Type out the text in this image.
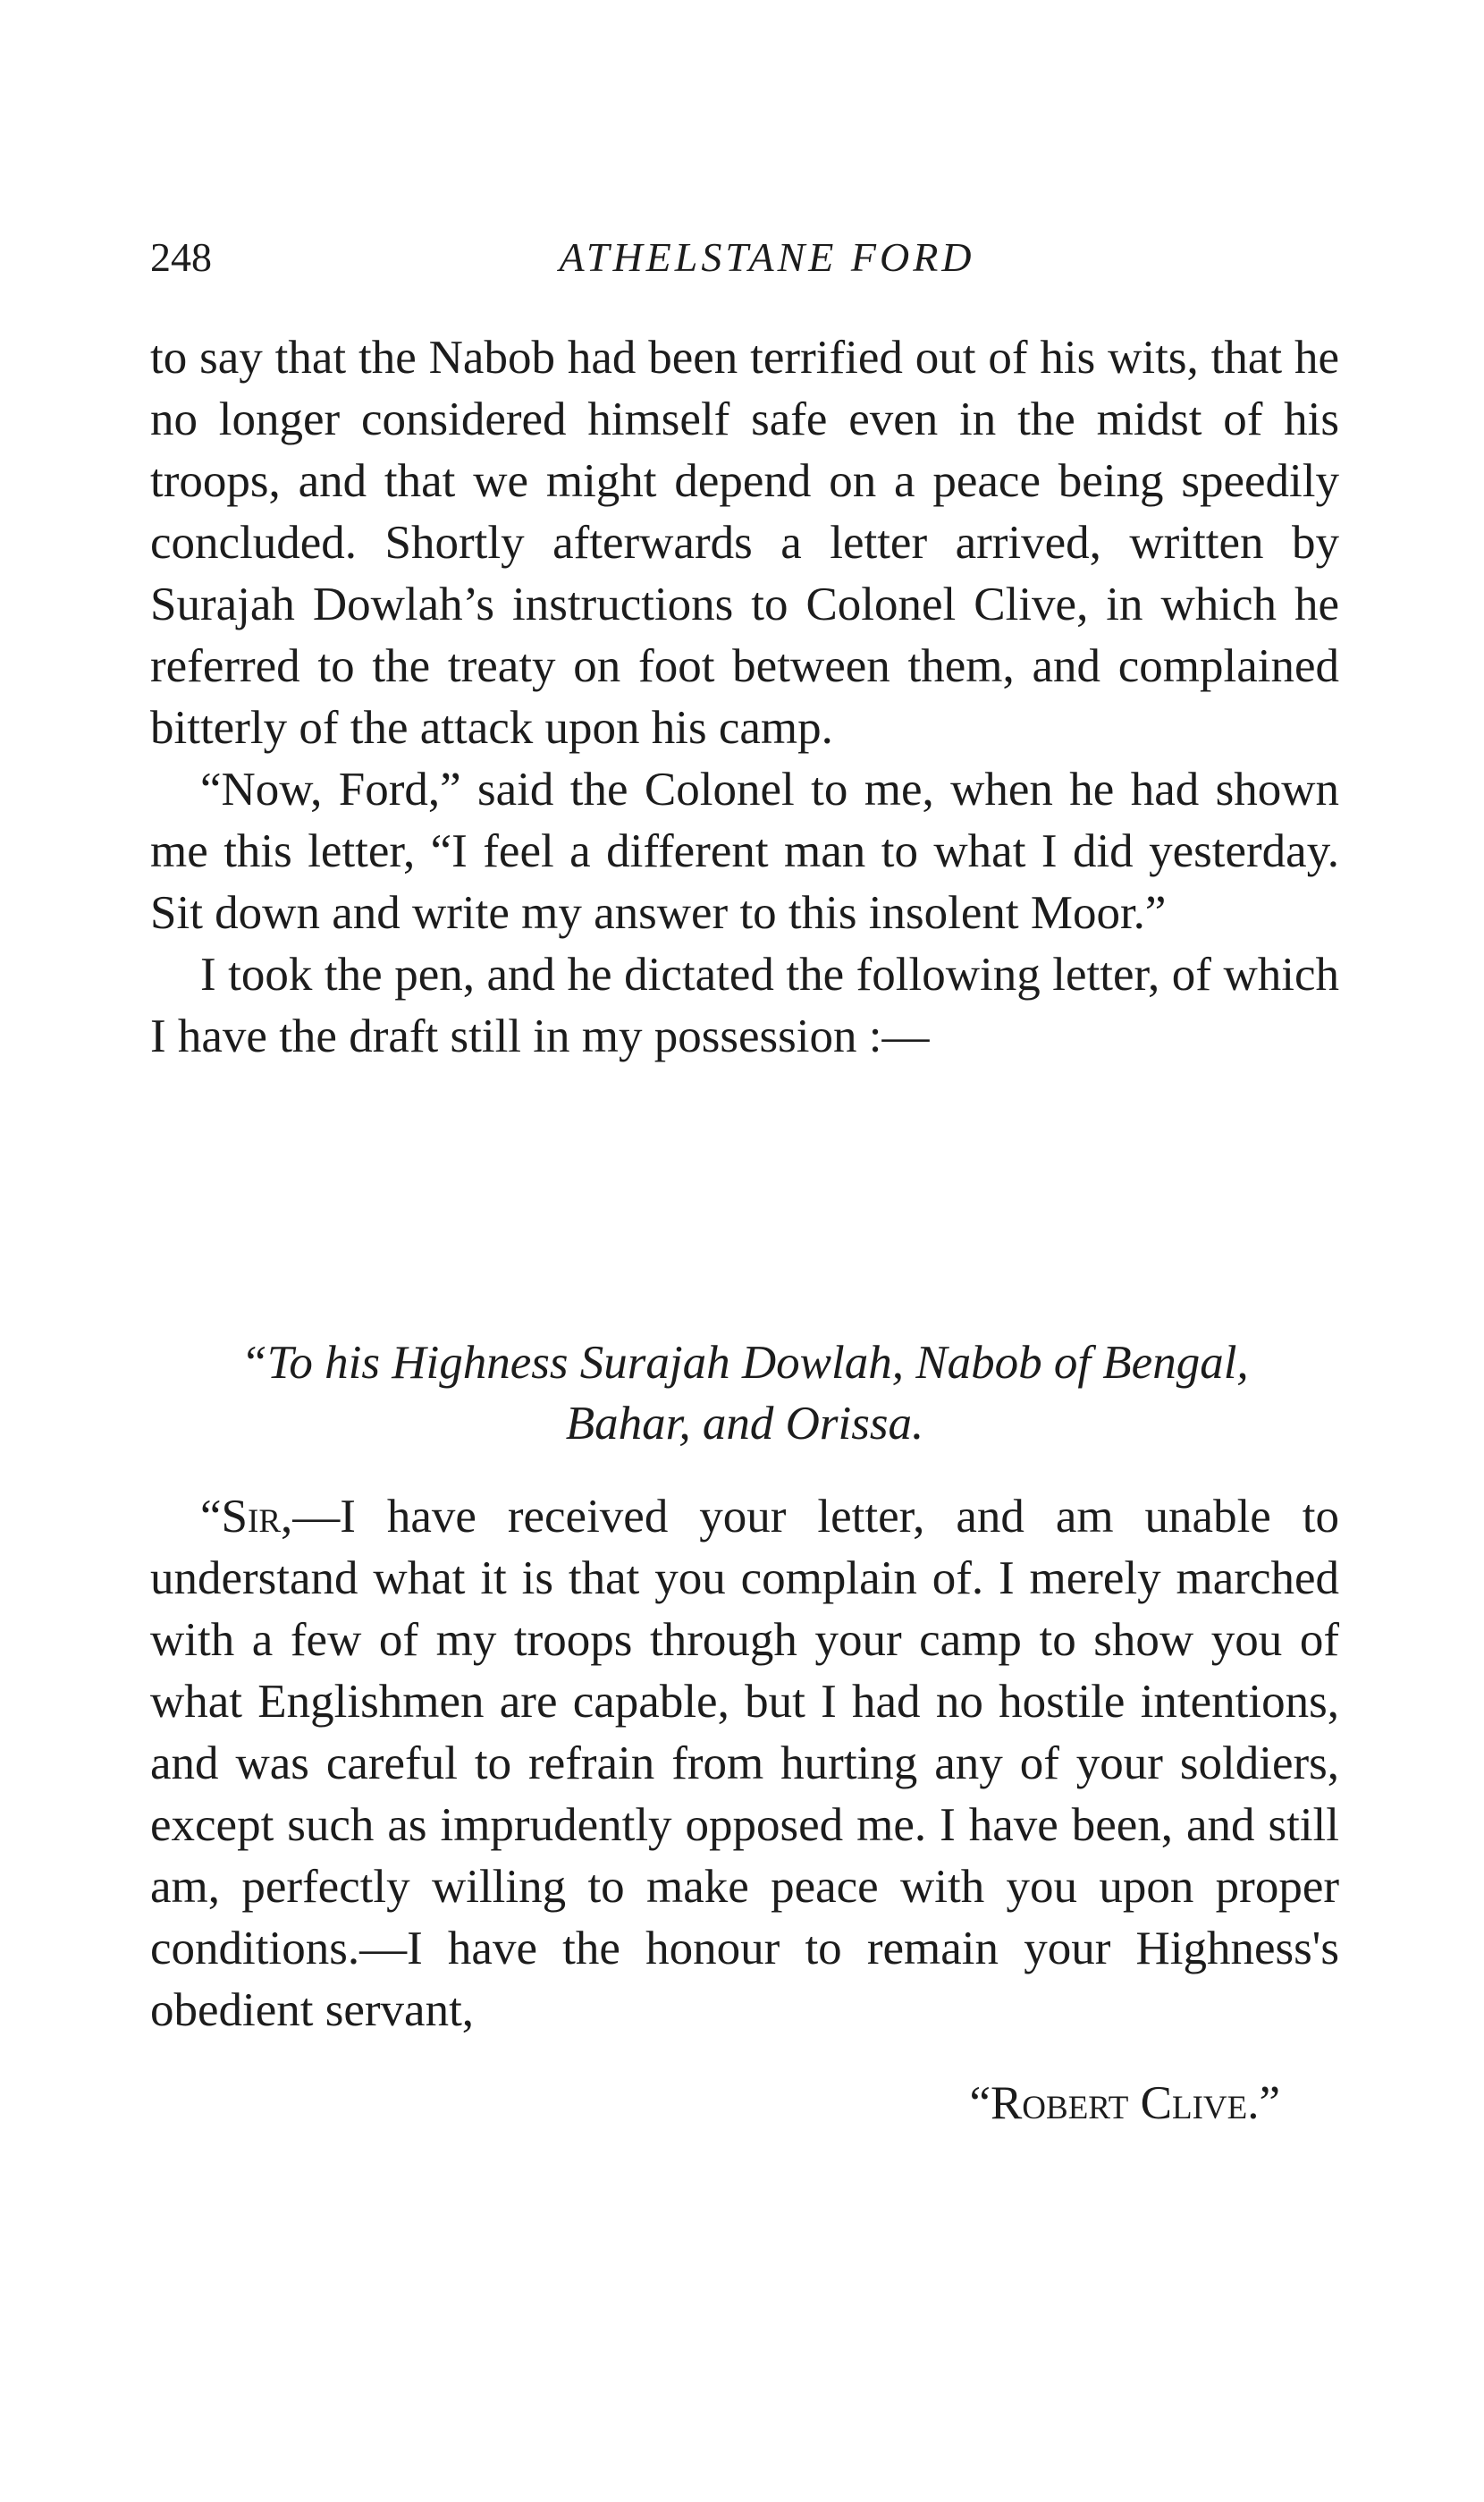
248	ATHELSTANE FORD

to say that the Nabob had been terrified out of his wits, that he no longer considered himself safe even in the midst of his troops, and that we might depend on a peace being speedily concluded. Shortly afterwards a letter arrived, written by Surajah Dowlah’s instructions to Colonel Clive, in which he referred to the treaty on foot between them, and complained bitterly of the attack upon his camp.

“Now, Ford,” said the Colonel to me, when he had shown me this letter, “I feel a different man to what I did yesterday. Sit down and write my answer to this insolent Moor.”

I took the pen, and he dictated the following letter, of which I have the draft still in my possession :—

“To his Highness Surajah Dowlah, Nabob of Bengal,
Bahar, and Orissa.

“Sir,—I have received your letter, and am unable to understand what it is that you complain of. I merely marched with a few of my troops through your camp to show you of what Englishmen are capable, but I had no hostile intentions, and was careful to refrain from hurting any of your soldiers, except such as imprudently opposed me. I have been, and still am, perfectly willing to make peace with you upon proper conditions.—I have the honour to remain your Highness's obedient servant,

“Robert Clive.”
